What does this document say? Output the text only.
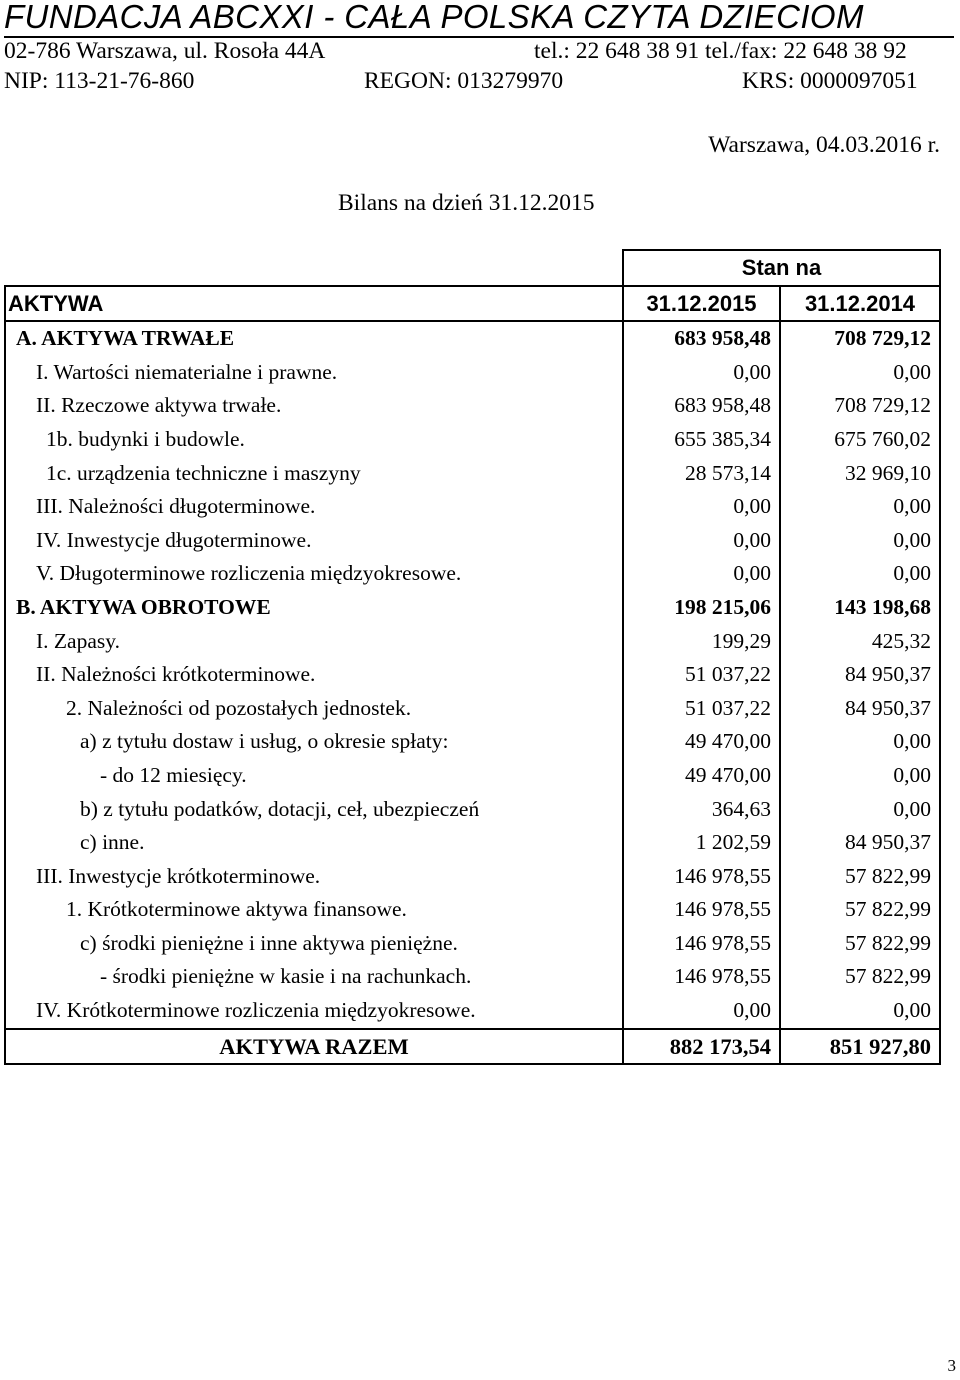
FUNDACJA ABCXXI - CAŁA POLSKA CZYTA DZIECIOM
02-786 Warszawa, ul. Rosoła 44A	tel.: 22 648 38 91 tel./fax: 22 648 38 92
NIP: 113-21-76-860	REGON: 013279970	KRS: 0000097051
Warszawa, 04.03.2016 r.
Bilans na dzień 31.12.2015
	Stan na	
AKTYWA	31.12.2015	31.12.2014
A. AKTYWA TRWAŁE	683 958,48	708 729,12
I. Wartości niematerialne i prawne.	0,00	0,00
II. Rzeczowe aktywa trwałe.	683 958,48	708 729,12
1b. budynki i budowle.	655 385,34	675 760,02
1c. urządzenia techniczne i maszyny	28 573,14	32 969,10
III. Należności długoterminowe.	0,00	0,00
IV. Inwestycje długoterminowe.	0,00	0,00
V. Długoterminowe rozliczenia międzyokresowe.	0,00	0,00
B. AKTYWA OBROTOWE	198 215,06	143 198,68
I. Zapasy.	199,29	425,32
II. Należności krótkoterminowe.	51 037,22	84 950,37
2. Należności od pozostałych jednostek.	51 037,22	84 950,37
a) z tytułu dostaw i usług, o okresie spłaty:	49 470,00	0,00
- do 12 miesięcy.	49 470,00	0,00
b) z tytułu podatków, dotacji, ceł, ubezpieczeń	364,63	0,00
c) inne.	1 202,59	84 950,37
III. Inwestycje krótkoterminowe.	146 978,55	57 822,99
1. Krótkoterminowe aktywa finansowe.	146 978,55	57 822,99
c) środki pieniężne i inne aktywa pieniężne.	146 978,55	57 822,99
- środki pieniężne w kasie i na rachunkach.	146 978,55	57 822,99
IV. Krótkoterminowe rozliczenia międzyokresowe.	0,00	0,00
AKTYWA RAZEM	882 173,54	851 927,80
3
